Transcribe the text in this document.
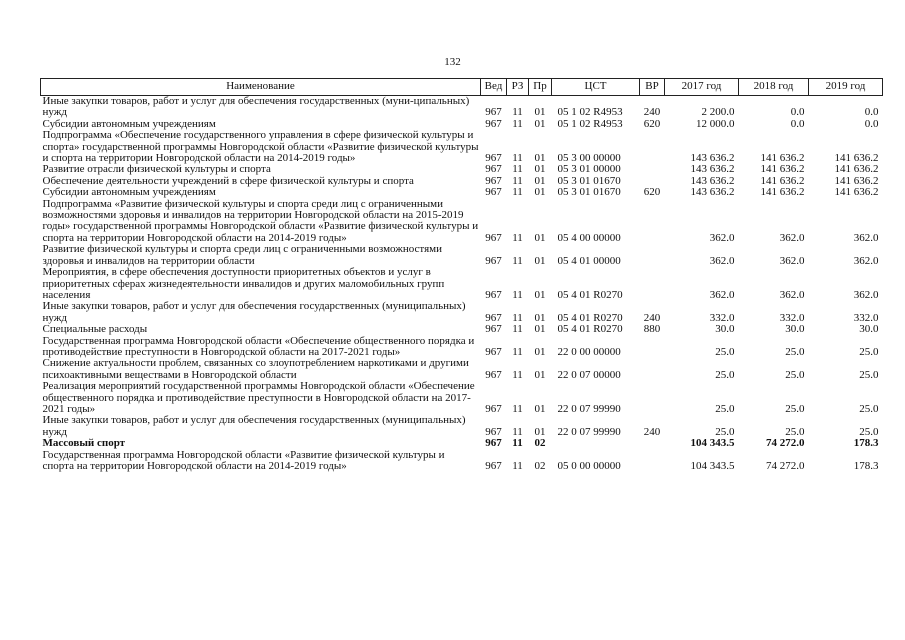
132
Наименование	Вед	РЗ	Пр	ЦСТ	ВР	2017 год	2018 год	2019 год
Иные закупки товаров, работ и услуг для обеспечения государственных (муни-ципальных) нужд	967	11	01	05 1 02 R4953	240	2 200.0	0.0	0.0
Субсидии автономным учреждениям	967	11	01	05 1 02 R4953	620	12 000.0	0.0	0.0
Подпрограмма «Обеспечение государственного управления в сфере физической культуры и спорта» государственной программы Новгородской области «Развитие физической культуры и спорта на территории Новгородской области на 2014-2019 годы»	967	11	01	05 3 00 00000		143 636.2	141 636.2	141 636.2
Развитие отрасли физической культуры и спорта	967	11	01	05 3 01 00000		143 636.2	141 636.2	141 636.2
Обеспечение деятельности учреждений в сфере физической культуры и спорта	967	11	01	05 3 01 01670		143 636.2	141 636.2	141 636.2
Субсидии автономным учреждениям	967	11	01	05 3 01 01670	620	143 636.2	141 636.2	141 636.2
Подпрограмма «Развитие физической культуры и спорта среди лиц с ограниченными возможностями здоровья и инвалидов на территории Новгородской области на 2015-2019 годы» государственной программы Новгородской области «Развитие физической культуры и спорта на территории Новгородской области на 2014-2019 годы»	967	11	01	05 4 00 00000		362.0	362.0	362.0
Развитие физической культуры и спорта среди лиц с ограниченными возможностями здоровья и инвалидов на территории области	967	11	01	05 4 01 00000		362.0	362.0	362.0
Мероприятия, в сфере обеспечения доступности приоритетных объектов и услуг в приоритетных сферах жизнедеятельности инвалидов и других маломобильных групп населения	967	11	01	05 4 01 R0270		362.0	362.0	362.0
Иные закупки товаров, работ и услуг для обеспечения государственных (муниципальных) нужд	967	11	01	05 4 01 R0270	240	332.0	332.0	332.0
Специальные расходы	967	11	01	05 4 01 R0270	880	30.0	30.0	30.0
Государственная программа Новгородской области «Обеспечение общественного порядка и противодействие преступности в Новгородской области на 2017-2021 годы»	967	11	01	22 0 00 00000		25.0	25.0	25.0
Снижение актуальности проблем, связанных со злоупотреблением наркотиками и другими психоактивными веществами в Новгородской области	967	11	01	22 0 07 00000		25.0	25.0	25.0
Реализация мероприятий государственной программы Новгородской области «Обеспечение общественного порядка и противодействие преступности в Новгородской области на 2017-2021 годы»	967	11	01	22 0 07 99990		25.0	25.0	25.0
Иные закупки товаров, работ и услуг для обеспечения государственных (муниципальных) нужд	967	11	01	22 0 07 99990	240	25.0	25.0	25.0
Массовый спорт	967	11	02			104 343.5	74 272.0	178.3
Государственная программа Новгородской области «Развитие физической культуры и спорта на территории Новгородской области на 2014-2019 годы»	967	11	02	05 0 00 00000		104 343.5	74 272.0	178.3
